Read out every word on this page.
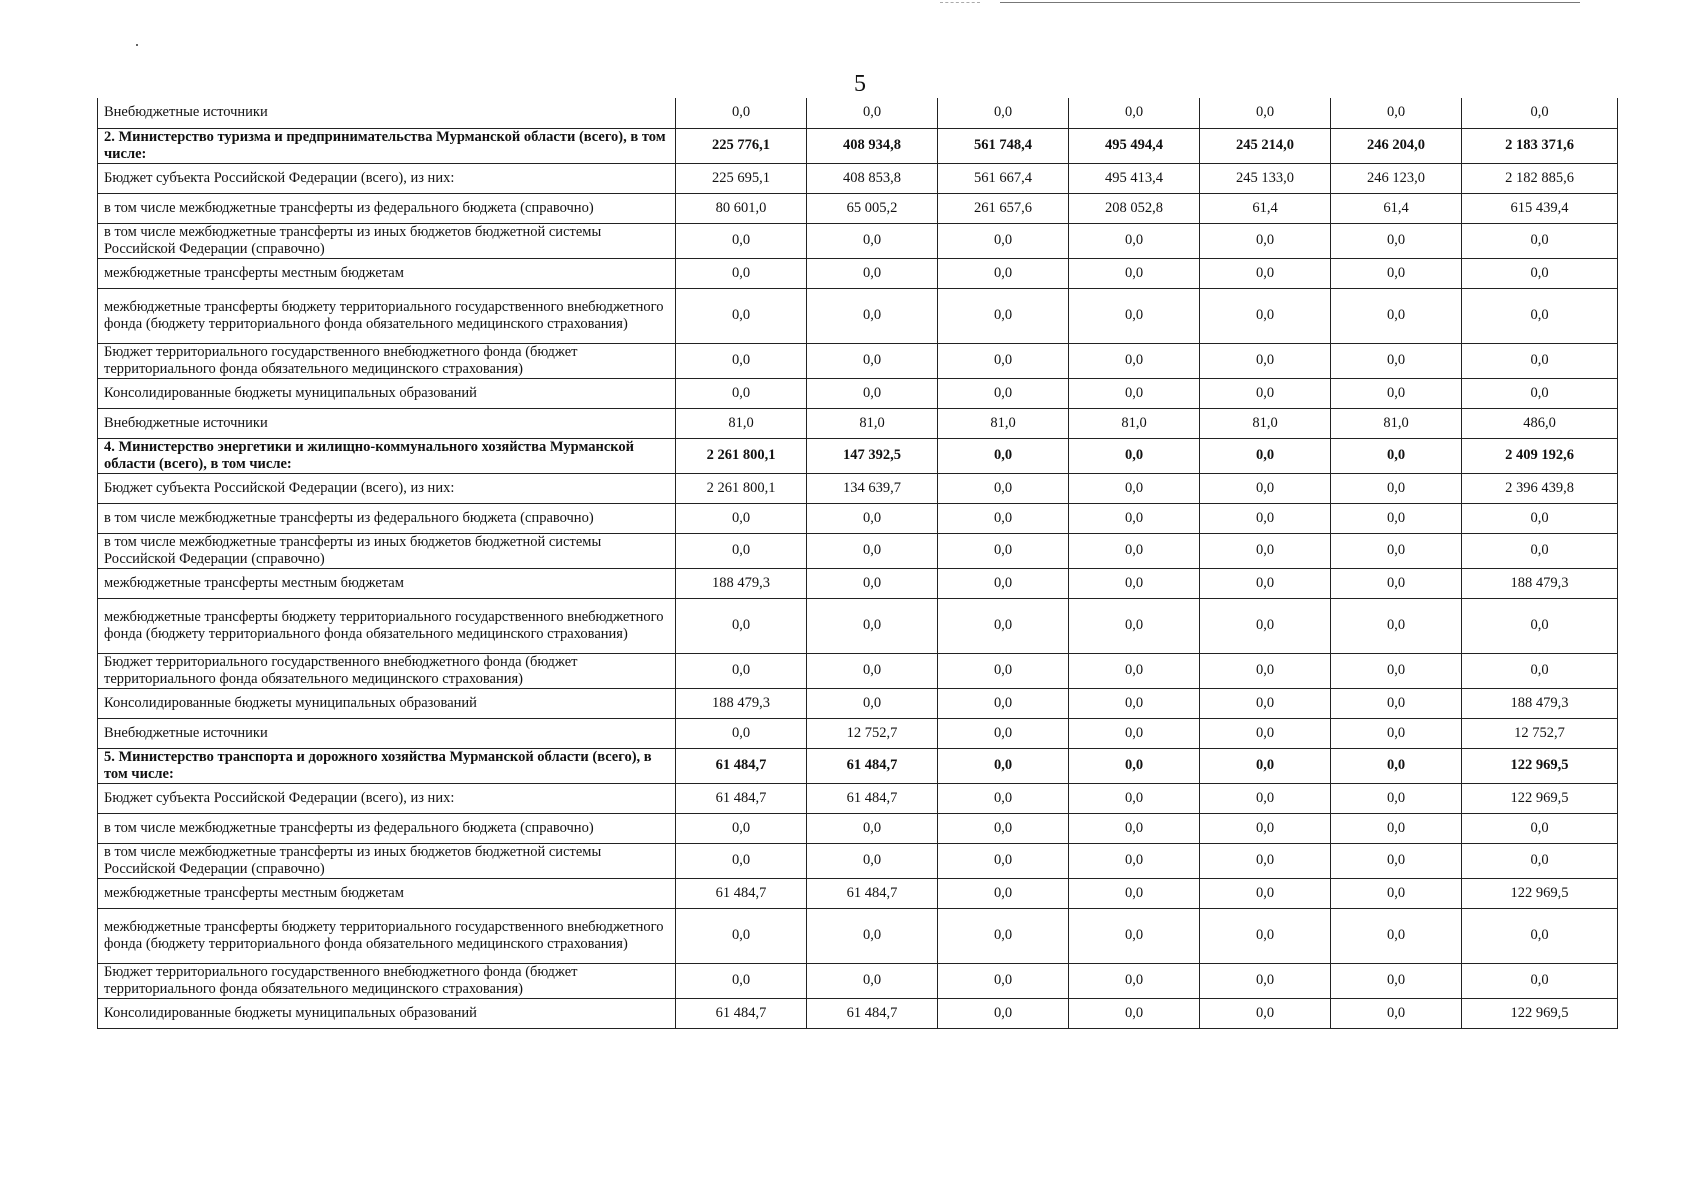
5
Внебюджетные источники	0,0	0,0	0,0	0,0	0,0	0,0	0,0
2. Министерство туризма и предпринимательства Мурманской области (всего), в том числе:	225 776,1	408 934,8	561 748,4	495 494,4	245 214,0	246 204,0	2 183 371,6
Бюджет субъекта Российской Федерации (всего), из них:	225 695,1	408 853,8	561 667,4	495 413,4	245 133,0	246 123,0	2 182 885,6
в том числе межбюджетные трансферты из федерального бюджета (справочно)	80 601,0	65 005,2	261 657,6	208 052,8	61,4	61,4	615 439,4
в том числе межбюджетные трансферты из иных бюджетов бюджетной системы Российской Федерации (справочно)	0,0	0,0	0,0	0,0	0,0	0,0	0,0
межбюджетные трансферты местным бюджетам	0,0	0,0	0,0	0,0	0,0	0,0	0,0
межбюджетные трансферты бюджету территориального государственного внебюджетного фонда (бюджету территориального фонда обязательного медицинского страхования)	0,0	0,0	0,0	0,0	0,0	0,0	0,0
Бюджет территориального государственного внебюджетного фонда (бюджет территориального фонда обязательного медицинского страхования)	0,0	0,0	0,0	0,0	0,0	0,0	0,0
Консолидированные бюджеты муниципальных образований	0,0	0,0	0,0	0,0	0,0	0,0	0,0
Внебюджетные источники	81,0	81,0	81,0	81,0	81,0	81,0	486,0
4. Министерство энергетики и жилищно-коммунального хозяйства Мурманской области (всего), в том числе:	2 261 800,1	147 392,5	0,0	0,0	0,0	0,0	2 409 192,6
Бюджет субъекта Российской Федерации (всего), из них:	2 261 800,1	134 639,7	0,0	0,0	0,0	0,0	2 396 439,8
в том числе межбюджетные трансферты из федерального бюджета (справочно)	0,0	0,0	0,0	0,0	0,0	0,0	0,0
в том числе межбюджетные трансферты из иных бюджетов бюджетной системы Российской Федерации (справочно)	0,0	0,0	0,0	0,0	0,0	0,0	0,0
межбюджетные трансферты местным бюджетам	188 479,3	0,0	0,0	0,0	0,0	0,0	188 479,3
межбюджетные трансферты бюджету территориального государственного внебюджетного фонда (бюджету территориального фонда обязательного медицинского страхования)	0,0	0,0	0,0	0,0	0,0	0,0	0,0
Бюджет территориального государственного внебюджетного фонда (бюджет территориального фонда обязательного медицинского страхования)	0,0	0,0	0,0	0,0	0,0	0,0	0,0
Консолидированные бюджеты муниципальных образований	188 479,3	0,0	0,0	0,0	0,0	0,0	188 479,3
Внебюджетные источники	0,0	12 752,7	0,0	0,0	0,0	0,0	12 752,7
5. Министерство транспорта и дорожного хозяйства Мурманской области (всего), в том числе:	61 484,7	61 484,7	0,0	0,0	0,0	0,0	122 969,5
Бюджет субъекта Российской Федерации (всего), из них:	61 484,7	61 484,7	0,0	0,0	0,0	0,0	122 969,5
в том числе межбюджетные трансферты из федерального бюджета (справочно)	0,0	0,0	0,0	0,0	0,0	0,0	0,0
в том числе межбюджетные трансферты из иных бюджетов бюджетной системы Российской Федерации (справочно)	0,0	0,0	0,0	0,0	0,0	0,0	0,0
межбюджетные трансферты местным бюджетам	61 484,7	61 484,7	0,0	0,0	0,0	0,0	122 969,5
межбюджетные трансферты бюджету территориального государственного внебюджетного фонда (бюджету территориального фонда обязательного медицинского страхования)	0,0	0,0	0,0	0,0	0,0	0,0	0,0
Бюджет территориального государственного внебюджетного фонда (бюджет территориального фонда обязательного медицинского страхования)	0,0	0,0	0,0	0,0	0,0	0,0	0,0
Консолидированные бюджеты муниципальных образований	61 484,7	61 484,7	0,0	0,0	0,0	0,0	122 969,5
